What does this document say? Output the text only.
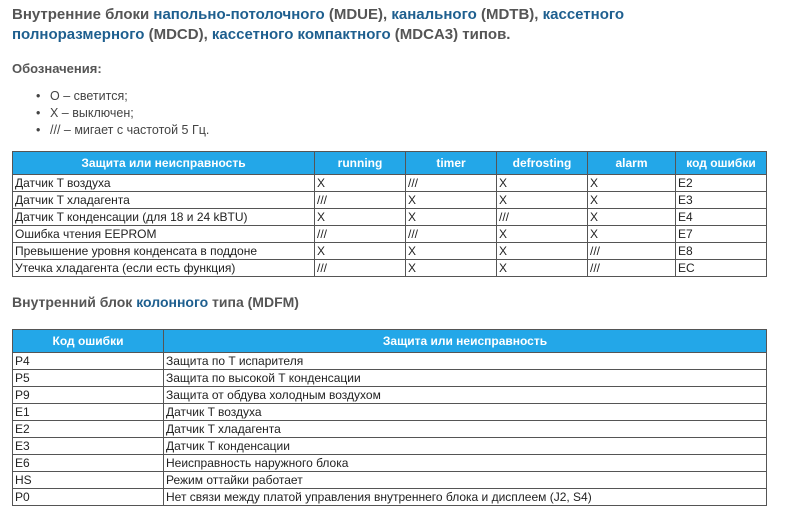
Внутренние блоки напольно-потолочного (MDUE), канального (MDTB), кассетного полноразмерного (MDCD), кассетного компактного (MDCA3) типов.
Обозначения:
• O – светится;
• X – выключен;
• /// – мигает с частотой 5 Гц.
Защита или неисправность	running	timer	defrosting	alarm	код ошибки
Датчик T воздуха	X	///	X	X	E2
Датчик T хладагента	///	X	X	X	E3
Датчик T конденсации (для 18 и 24 kBTU)	X	X	///	X	E4
Ошибка чтения EEPROM	///	///	X	X	E7
Превышение уровня конденсата в поддоне	X	X	X	///	E8
Утечка хладагента (если есть функция)	///	X	X	///	EC
Внутренний блок колонного типа (MDFM)
Код ошибки	Защита или неисправность
P4	Защита по T испарителя
P5	Защита по высокой T конденсации
P9	Защита от обдува холодным воздухом
E1	Датчик T воздуха
E2	Датчик T хладагента
E3	Датчик T конденсации
E6	Неисправность наружного блока
HS	Режим оттайки работает
P0	Нет связи между платой управления внутреннего блока и дисплеем (J2, S4)
